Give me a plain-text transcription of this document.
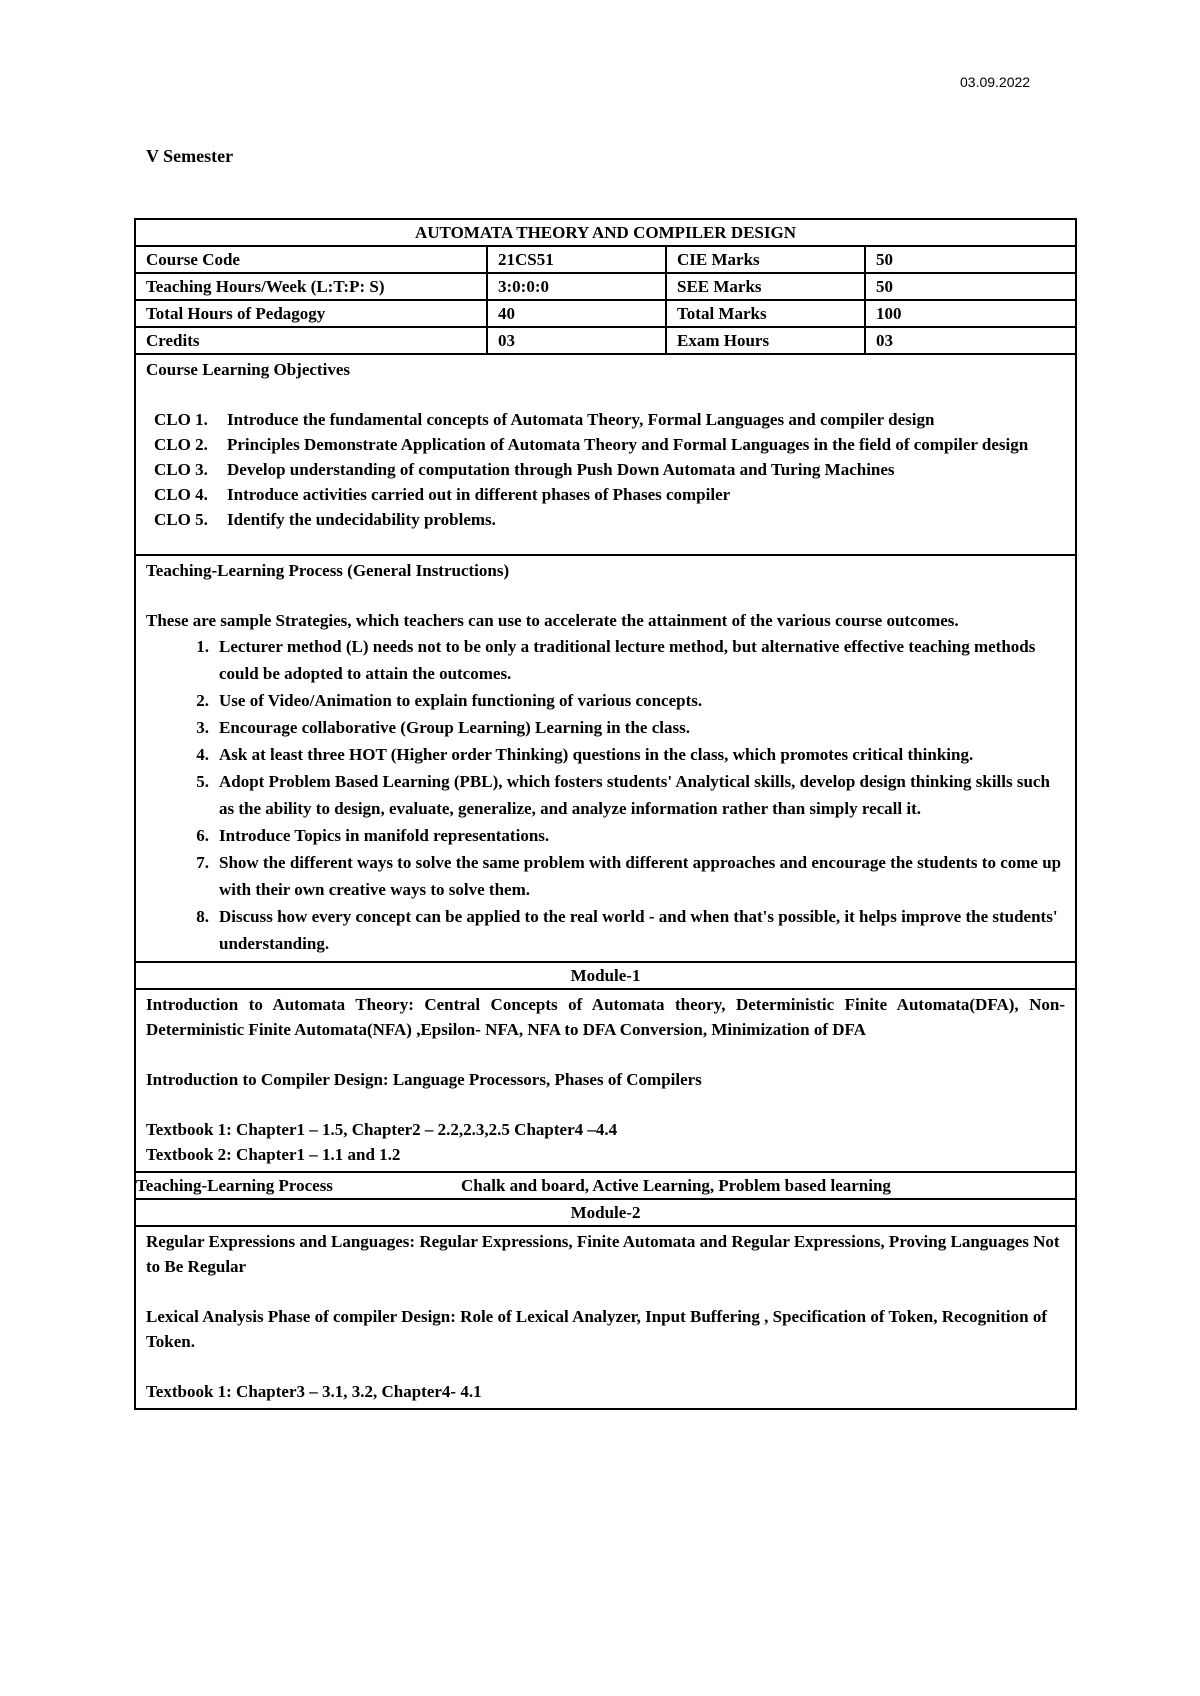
03.09.2022
V Semester
AUTOMATA THEORY AND COMPILER DESIGN
Course Code	21CS51	CIE Marks	50
Teaching Hours/Week (L:T:P: S)	3:0:0:0	SEE Marks	50
Total Hours of Pedagogy	40	Total Marks	100
Credits	03	Exam Hours	03

Course Learning Objectives

CLO 1.	Introduce the fundamental concepts of Automata Theory, Formal Languages and compiler design
CLO 2.	Principles Demonstrate Application of Automata Theory and Formal Languages in the field of compiler design
CLO 3.	Develop understanding of computation through Push Down Automata and Turing Machines
CLO 4.	Introduce activities carried out in different phases of Phases compiler
CLO 5.	Identify the undecidability problems.

Teaching-Learning Process (General Instructions)

These are sample Strategies, which teachers can use to accelerate the attainment of the various course outcomes.

1. Lecturer method (L) needs not to be only a traditional lecture method, but alternative effective teaching methods could be adopted to attain the outcomes.
2. Use of Video/Animation to explain functioning of various concepts.
3. Encourage collaborative (Group Learning) Learning in the class.
4. Ask at least three HOT (Higher order Thinking) questions in the class, which promotes critical thinking.
5. Adopt Problem Based Learning (PBL), which fosters students' Analytical skills, develop design thinking skills such as the ability to design, evaluate, generalize, and analyze information rather than simply recall it.
6. Introduce Topics in manifold representations.
7. Show the different ways to solve the same problem with different approaches and encourage the students to come up with their own creative ways to solve them.
8. Discuss how every concept can be applied to the real world - and when that's possible, it helps improve the students' understanding.

Module-1

Introduction to Automata Theory: Central Concepts of Automata theory, Deterministic Finite Automata(DFA), Non- Deterministic Finite Automata(NFA) ,Epsilon- NFA, NFA to DFA Conversion, Minimization of DFA

Introduction to Compiler Design: Language Processors, Phases of Compilers

Textbook 1: Chapter1 – 1.5, Chapter2 – 2.2,2.3,2.5 Chapter4 –4.4

Textbook 2: Chapter1 – 1.1 and 1.2

Teaching-Learning Process	Chalk and board, Active Learning, Problem based learning

Module-2

Regular Expressions and Languages: Regular Expressions, Finite Automata and Regular Expressions, Proving Languages Not to Be Regular

Lexical Analysis Phase of compiler Design: Role of Lexical Analyzer, Input Buffering , Specification of Token, Recognition of Token.

Textbook 1: Chapter3 – 3.1, 3.2, Chapter4- 4.1
